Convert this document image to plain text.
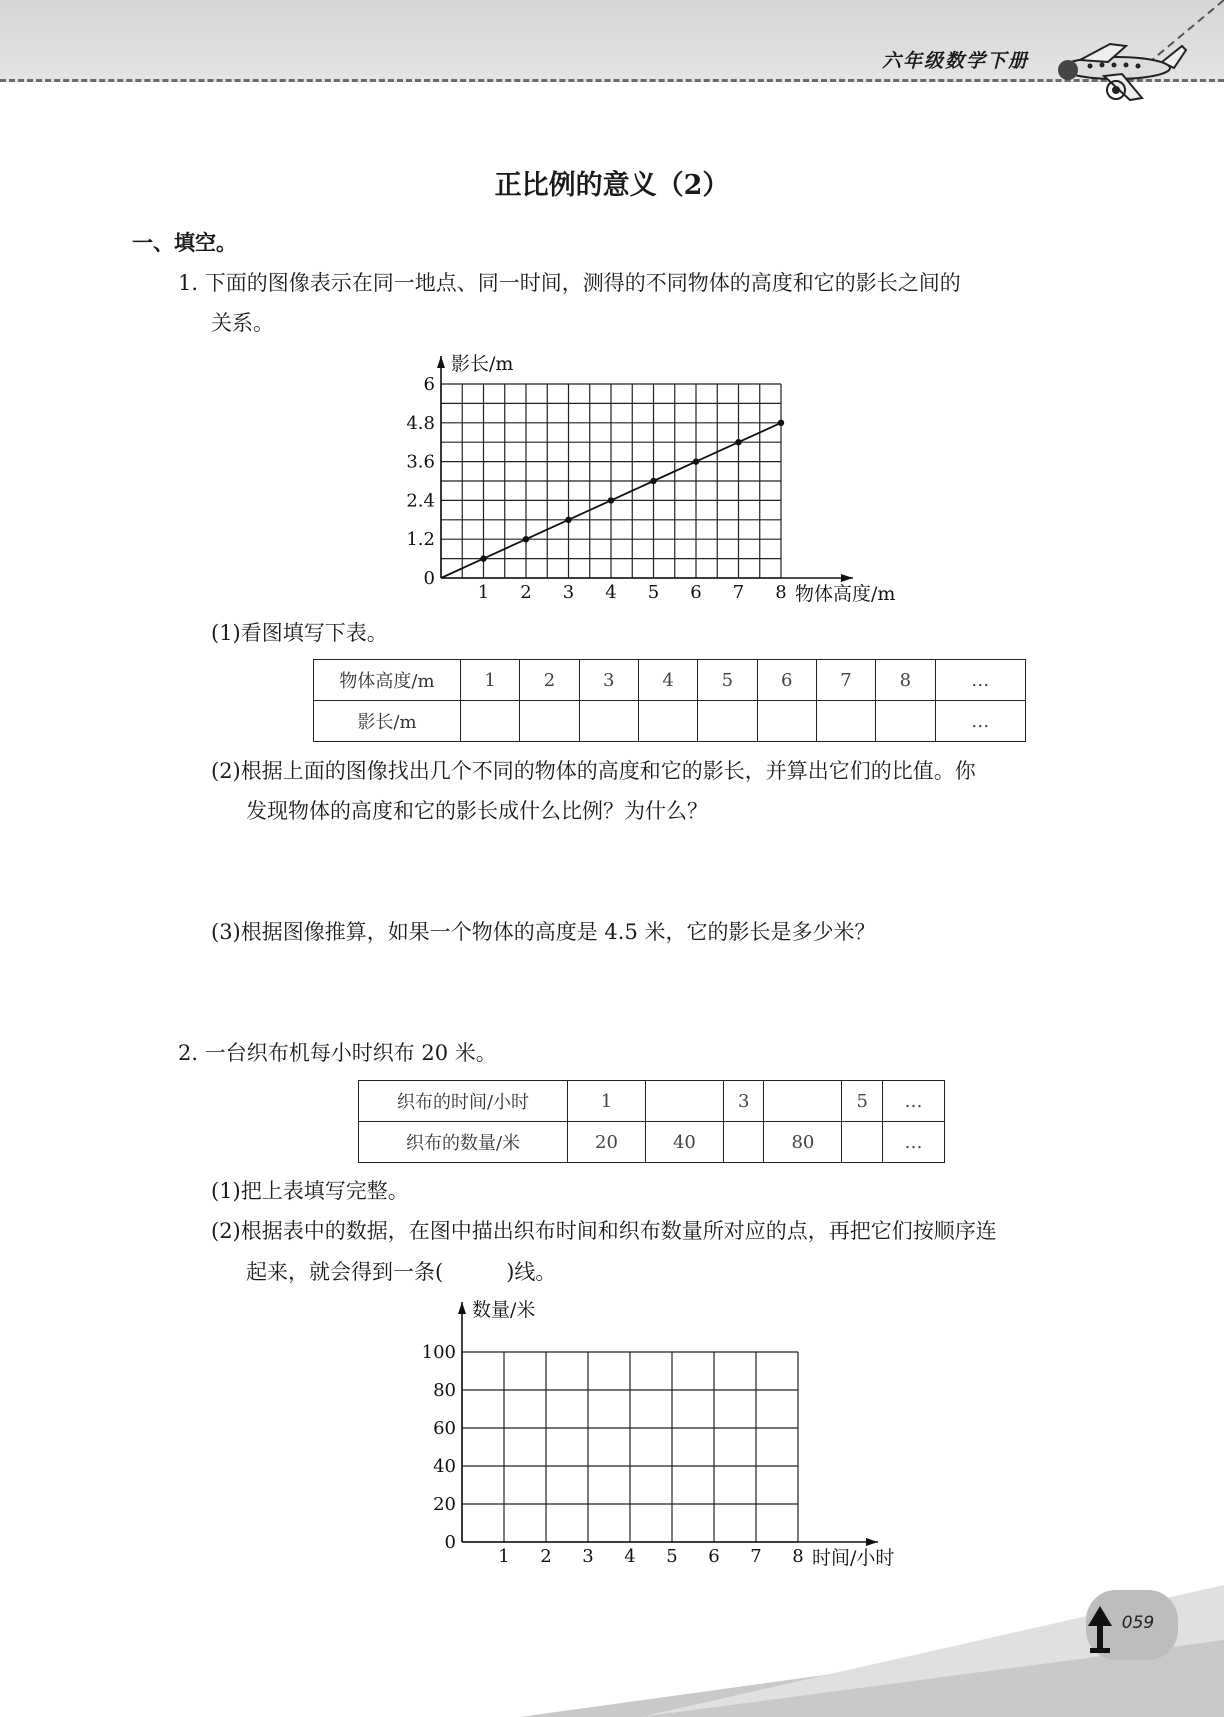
六年级数学下册
正比例的意义（2）
一、填空。
1. 下面的图像表示在同一地点、同一时间，测得的不同物体的高度和它的影长之间的
关系。
1 2 3 4 5 6 7 8
0
1.2
2.4
3.6
4.8
6
物体高度/m
影长/m
(1)看图填写下表。
物体高度/m	1	2	3	4	5	6	7	8	…
影长/m									…
(2)根据上面的图像找出几个不同的物体的高度和它的影长，并算出它们的比值。你
发现物体的高度和它的影长成什么比例？为什么？
(3)根据图像推算，如果一个物体的高度是 4.5 米，它的影长是多少米？
2. 一台织布机每小时织布 20 米。
织布的时间/小时	1		3		5	…
织布的数量/米	20	40		80		…
(1)把上表填写完整。
(2)根据表中的数据，在图中描出织布时间和织布数量所对应的点，再把它们按顺序连
起来，就会得到一条(　　　)线。
1 2 3 4 5 6 7 8
0
20
40
60
80
100
时间/小时
数量/米
059
